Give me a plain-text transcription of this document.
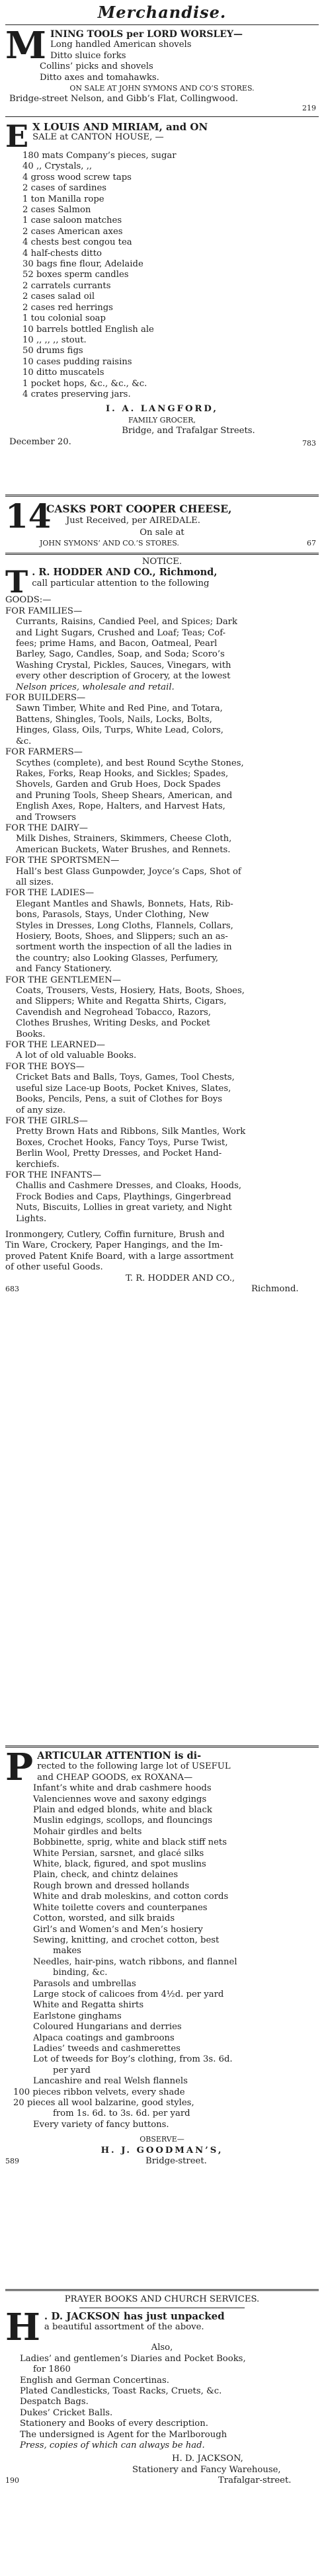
Merchandise.
M INING TOOLS per LORD WORSLEY—
Long handled American shovels
Ditto sluice forks
Collins’ picks and shovels
Ditto axes and tomahawks.
ON SALE AT JOHN SYMONS AND CO’S STORES.
Bridge-street Nelson, and Gibb’s Flat, Collingwood.
219
E X LOUIS AND MIRIAM, and ON
SALE at CANTON HOUSE, —
180 mats Company’s pieces, sugar
40 ,, Crystals, ,,
4 gross wood screw taps
2 cases of sardines
1 ton Manilla rope
2 cases Salmon
1 case saloon matches
2 cases American axes
4 chests best congou tea
4 half-chests ditto
30 bags fine flour, Adelaide
52 boxes sperm candles
2 carratels currants
2 cases salad oil
2 cases red herrings
1 tou colonial soap
10 barrels bottled English ale
10 ,, ,, ,, stout.
50 drums figs
10 cases pudding raisins
10 ditto muscatels
1 pocket hops, &c., &c., &c.
4 crates preserving jars.
I. A. LANGFORD,
FAMILY GROCER,
Bridge, and Trafalgar Streets.
December 20.	783
14
CASKS PORT COOPER CHEESE,
Just Received, per AIREDALE.
On sale at
JOHN SYMONS’ AND CO.’S STORES.	67
NOTICE.
T . R. HODDER AND CO., Richmond,
call particular attention to the following
GOODS:—
FOR FAMILIES—
Currants, Raisins, Candied Peel, and Spices; Dark
and Light Sugars, Crushed and Loaf; Teas; Cof-
fees; prime Hams, and Bacon, Oatmeal, Pearl
Barley, Sago, Candles, Soap, and Soda; Scoro’s
Washing Crystal, Pickles, Sauces, Vinegars, with
every other description of Grocery, at the lowest
Nelson prices, wholesale and retail.
FOR BUILDERS—
Sawn Timber, White and Red Pine, and Totara,
Battens, Shingles, Tools, Nails, Locks, Bolts,
Hinges, Glass, Oils, Turps, White Lead, Colors,
&c.
FOR FARMERS—
Scythes (complete), and best Round Scythe Stones,
Rakes, Forks, Reap Hooks, and Sickles; Spades,
Shovels, Garden and Grub Hoes, Dock Spades
and Pruning Tools, Sheep Shears, American, and
English Axes, Rope, Halters, and Harvest Hats,
and Trowsers
FOR THE DAIRY—
Milk Dishes, Strainers, Skimmers, Cheese Cloth,
American Buckets, Water Brushes, and Rennets.
FOR THE SPORTSMEN—
Hall’s best Glass Gunpowder, Joyce’s Caps, Shot of
all sizes.
FOR THE LADIES—
Elegant Mantles and Shawls, Bonnets, Hats, Rib-
bons, Parasols, Stays, Under Clothing, New
Styles in Dresses, Long Cloths, Flannels, Collars,
Hosiery, Boots, Shoes, and Slippers; such an as-
sortment worth the inspection of all the ladies in
the country; also Looking Glasses, Perfumery,
and Fancy Stationery.
FOR THE GENTLEMEN—
Coats, Trousers, Vests, Hosiery, Hats, Boots, Shoes,
and Slippers; White and Regatta Shirts, Cigars,
Cavendish and Negrohead Tobacco, Razors,
Clothes Brushes, Writing Desks, and Pocket
Books.
FOR THE LEARNED—
A lot of old valuable Books.
FOR THE BOYS—
Cricket Bats and Balls, Toys, Games, Tool Chests,
useful size Lace-up Boots, Pocket Knives, Slates,
Books, Pencils, Pens, a suit of Clothes for Boys
of any size.
FOR THE GIRLS—
Pretty Brown Hats and Ribbons, Silk Mantles, Work
Boxes, Crochet Hooks, Fancy Toys, Purse Twist,
Berlin Wool, Pretty Dresses, and Pocket Hand-
kerchiefs.
FOR THE INFANTS—
Challis and Cashmere Dresses, and Cloaks, Hoods,
Frock Bodies and Caps, Playthings, Gingerbread
Nuts, Biscuits, Lollies in great variety, and Night
Lights.
Ironmongery, Cutlery, Coffin furniture, Brush and
Tin Ware, Crockery, Paper Hangings, and the Im-
proved Patent Knife Board, with a large assortment
of other useful Goods.
T. R. HODDER AND CO.,
683	Richmond.
P ARTICULAR ATTENTION is di-
rected to the following large lot of USEFUL
and CHEAP GOODS, ex ROXANA—
Infant’s white and drab cashmere hoods
Valenciennes wove and saxony edgings
Plain and edged blonds, white and black
Muslin edgings, scollops, and flouncings
Mohair girdles and belts
Bobbinette, sprig, white and black stiff nets
White Persian, sarsnet, and glacé silks
White, black, figured, and spot muslins
Plain, check, and chintz delaines
Rough brown and dressed hollands
White and drab moleskins, and cotton cords
White toilette covers and counterpanes
Cotton, worsted, and silk braids
Girl’s and Women’s and Men’s hosiery
Sewing, knitting, and crochet cotton, best
makes
Needles, hair-pins, watch ribbons, and flannel
binding, &c.
Parasols and umbrellas
Large stock of calicoes from 4½d. per yard
White and Regatta shirts
Earlstone ginghams
Coloured Hungarians and derries
Alpaca coatings and gambroons
Ladies’ tweeds and cashmerettes
Lot of tweeds for Boy’s clothing, from 3s. 6d.
per yard
Lancashire and real Welsh flannels
100 pieces ribbon velvets, every shade
20 pieces all wool balzarine, good styles,
from 1s. 6d. to 3s. 6d. per yard
Every variety of fancy buttons.
OBSERVE—
H. J. GOODMAN’S,
589	Bridge-street.
PRAYER BOOKS AND CHURCH SERVICES.
H . D. JACKSON has just unpacked
a beautiful assortment of the above.
Also,
Ladies’ and gentlemen’s Diaries and Pocket Books,
for 1860
English and German Concertinas.
Plated Candlesticks, Toast Racks, Cruets, &c.
Despatch Bags.
Dukes’ Cricket Balls.
Stationery and Books of every description.
The undersigned is Agent for the Marlborough
Press, copies of which can always be had.
H. D. JACKSON,
Stationery and Fancy Warehouse,
190	Trafalgar-street.
